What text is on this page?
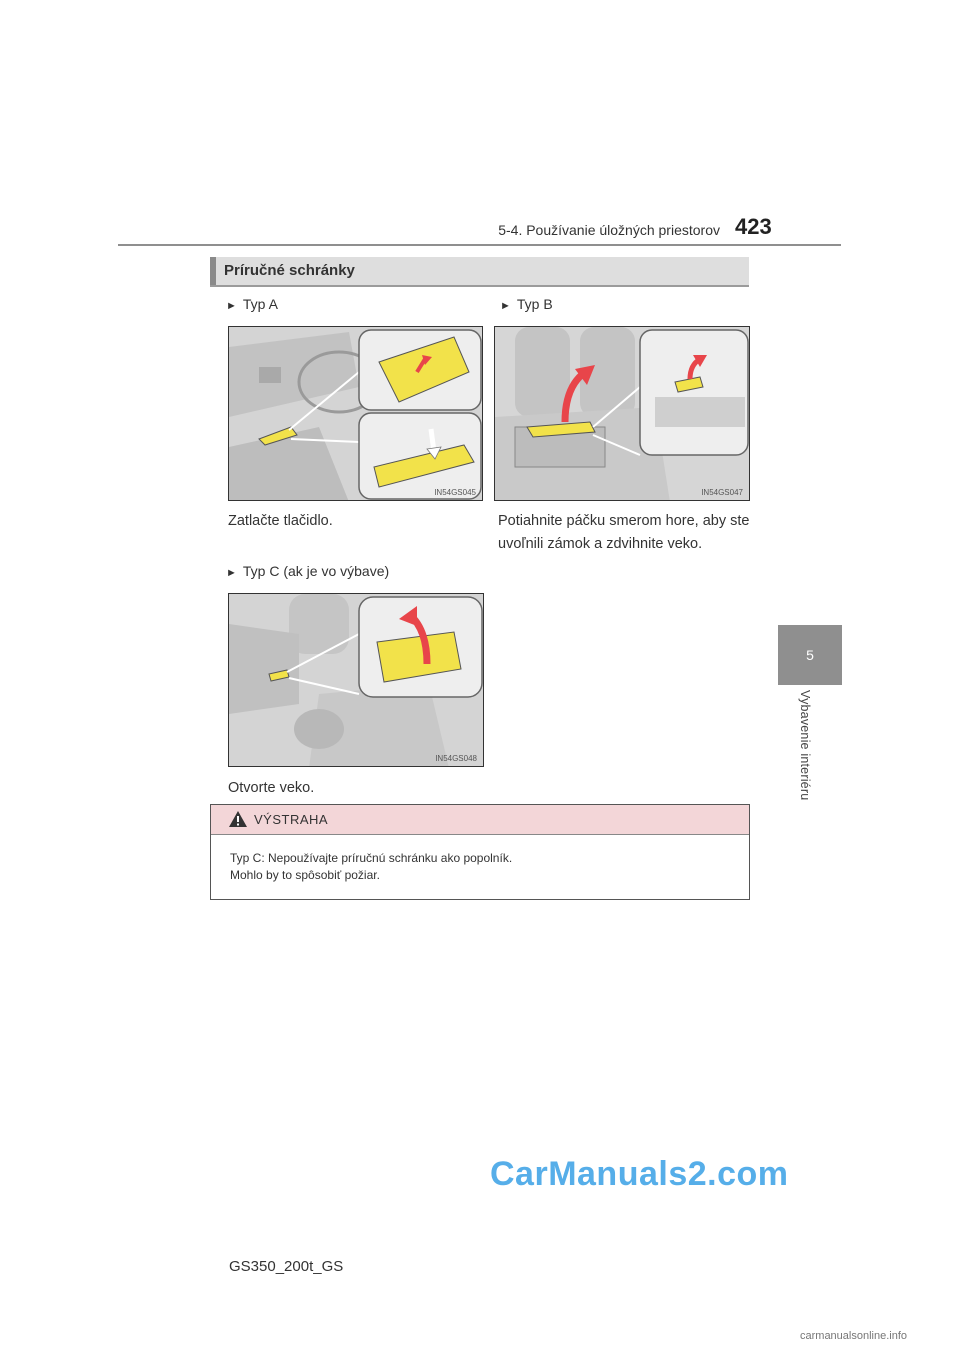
5-4. Používanie úložných priestorov 423
5
Vybavenie interiéru
Príručné schránky
► Typ A
IN54GS045
Zatlačte tlačidlo.
► Typ B
IN54GS047
Potiahnite páčku smerom hore, aby ste
uvoľnili zámok a zdvihnite veko.
► Typ C (ak je vo výbave)
IN54GS048
Otvorte veko.
VÝSTRAHA
Typ C: Nepoužívajte príručnú schránku ako popolník.
Mohlo by to spôsobiť požiar.
GS350_200t_GS
CarManuals2.com
carmanualsonline.info
